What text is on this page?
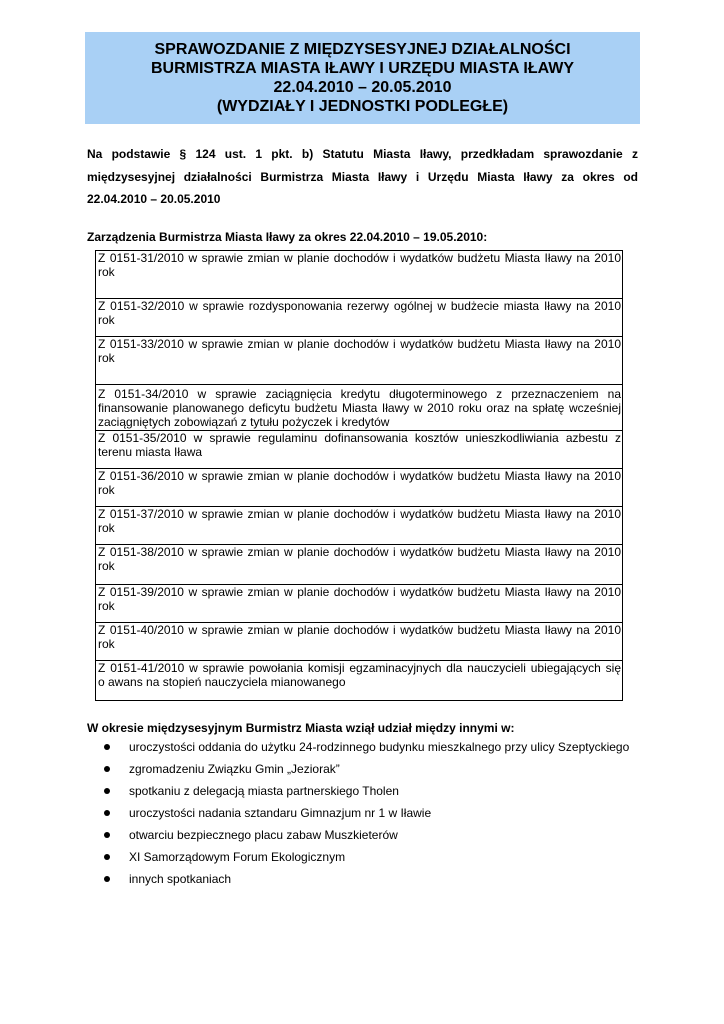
SPRAWOZDANIE Z MIĘDZYSESYJNEJ DZIAŁALNOŚCI
BURMISTRZA MIASTA IŁAWY I URZĘDU MIASTA IŁAWY
22.04.2010 – 20.05.2010
(WYDZIAŁY I JEDNOSTKI PODLEGŁE)
Na podstawie § 124 ust. 1 pkt. b) Statutu Miasta Iławy, przedkładam sprawozdanie z
międzysesyjnej działalności Burmistrza Miasta Iławy i Urzędu Miasta Iławy za okres od
22.04.2010 – 20.05.2010
Zarządzenia Burmistrza Miasta Iławy za okres 22.04.2010 – 19.05.2010:
Z 0151-31/2010 w sprawie zmian w planie dochodów i wydatków budżetu Miasta Iławy na 2010
rok
Z 0151-32/2010 w sprawie rozdysponowania rezerwy ogólnej w budżecie miasta Iławy na 2010
rok
Z 0151-33/2010 w sprawie zmian w planie dochodów i wydatków budżetu Miasta Iławy na 2010
rok
Z 0151-34/2010 w sprawie zaciągnięcia kredytu długoterminowego z przeznaczeniem na
finansowanie planowanego deficytu budżetu Miasta Iławy w 2010 roku oraz na spłatę wcześniej
zaciągniętych zobowiązań z tytułu pożyczek i kredytów
Z 0151-35/2010 w sprawie regulaminu dofinansowania kosztów unieszkodliwiania azbestu z
terenu miasta Iława
Z 0151-36/2010 w sprawie zmian w planie dochodów i wydatków budżetu Miasta Iławy na 2010
rok
Z 0151-37/2010 w sprawie zmian w planie dochodów i wydatków budżetu Miasta Iławy na 2010
rok
Z 0151-38/2010 w sprawie zmian w planie dochodów i wydatków budżetu Miasta Iławy na 2010
rok
Z 0151-39/2010 w sprawie zmian w planie dochodów i wydatków budżetu Miasta Iławy na 2010
rok
Z 0151-40/2010 w sprawie zmian w planie dochodów i wydatków budżetu Miasta Iławy na 2010
rok
Z 0151-41/2010 w sprawie powołania komisji egzaminacyjnych dla nauczycieli ubiegających się
o awans na stopień nauczyciela mianowanego
W okresie międzysesyjnym Burmistrz Miasta wziął udział między innymi w:
uroczystości oddania do użytku 24-rodzinnego budynku mieszkalnego przy ulicy Szeptyckiego
zgromadzeniu Związku Gmin „Jeziorak”
spotkaniu z delegacją miasta partnerskiego Tholen
uroczystości nadania sztandaru Gimnazjum nr 1 w Iławie
otwarciu bezpiecznego placu zabaw Muszkieterów
XI Samorządowym Forum Ekologicznym
innych spotkaniach
